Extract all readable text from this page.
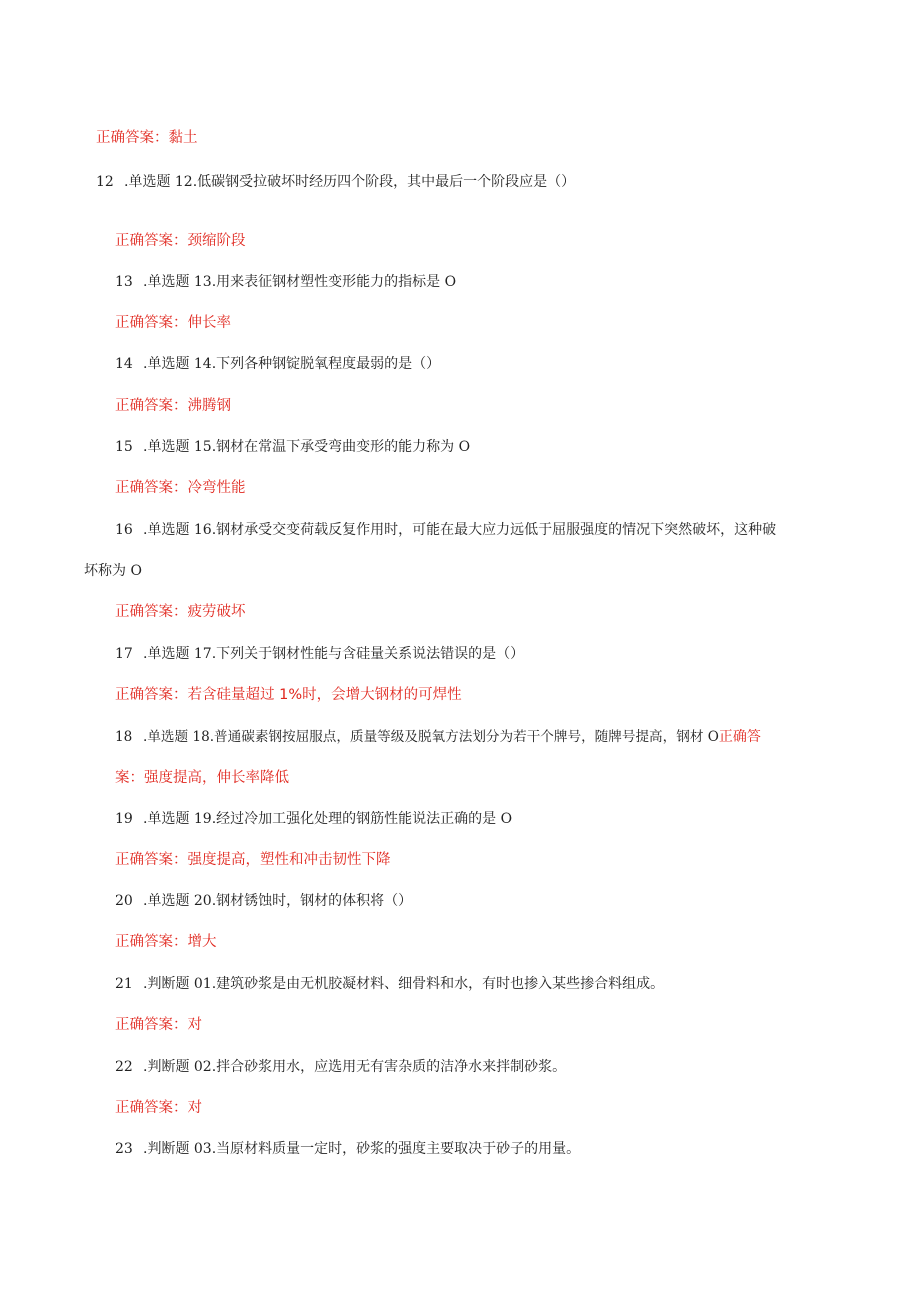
正确答案：黏土
12 .单选题 12.低碳钢受拉破坏时经历四个阶段，其中最后一个阶段应是（）
正确答案：颈缩阶段
13 .单选题 13.用来表征钢材塑性变形能力的指标是 O
正确答案：伸长率
14 .单选题 14.下列各种钢锭脱氧程度最弱的是（）
正确答案：沸腾钢
15 .单选题 15.钢材在常温下承受弯曲变形的能力称为 O
正确答案：冷弯性能
16 .单选题 16.钢材承受交变荷载反复作用时，可能在最大应力远低于屈服强度的情况下突然破坏，这种破
坏称为 O
正确答案：疲劳破坏
17 .单选题 17.下列关于钢材性能与含硅量关系说法错误的是（）
正确答案：若含硅量超过 1%时，会增大钢材的可焊性
18 .单选题 18.普通碳素钢按屈服点，质量等级及脱氧方法划分为若干个牌号，随牌号提高，钢材 O正确答
案：强度提高，伸长率降低
19 .单选题 19.经过冷加工强化处理的钢筋性能说法正确的是 O
正确答案：强度提高，塑性和冲击韧性下降
20 .单选题 20.钢材锈蚀时，钢材的体积将（）
正确答案：增大
21 .判断题 01.建筑砂浆是由无机胶凝材料、细骨料和水，有时也掺入某些掺合料组成。
正确答案：对
22 .判断题 02.拌合砂浆用水，应选用无有害杂质的洁净水来拌制砂浆。
正确答案：对
23 .判断题 03.当原材料质量一定时，砂浆的强度主要取决于砂子的用量。
